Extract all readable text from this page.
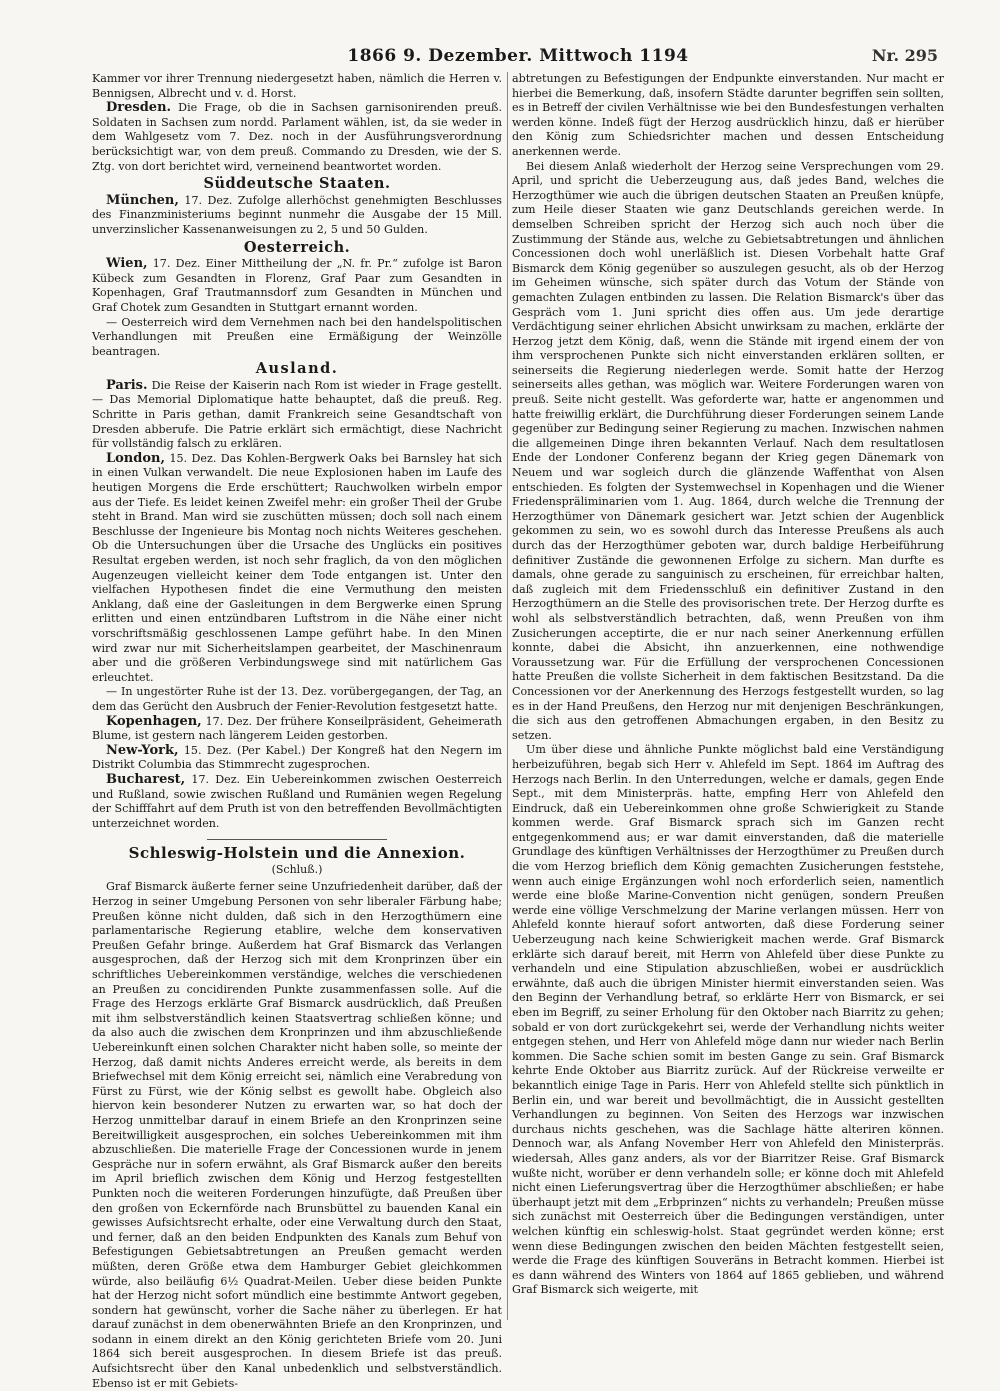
1866 9. Dezember. Mittwoch 1194	Nr. 295

Kammer vor ihrer Trennung niedergesetzt haben, nämlich die Herren v. Bennigsen, Albrecht und v. d. Horst.

Dresden. Die Frage, ob die in Sachsen garnisonirenden preuß. Soldaten in Sachsen zum nordd. Parlament wählen, ist, da sie weder in dem Wahlgesetz vom 7. Dez. noch in der Ausführungsverordnung berücksichtigt war, von dem preuß. Commando zu Dresden, wie der S. Ztg. von dort berichtet wird, verneinend beantwortet worden.

Süddeutsche Staaten.

München, 17. Dez. Zufolge allerhöchst genehmigten Beschlusses des Finanzministeriums beginnt nunmehr die Ausgabe der 15 Mill. unverzinslicher Kassenanweisungen zu 2, 5 und 50 Gulden.

Oesterreich.

Wien, 17. Dez. Einer Mittheilung der „N. fr. Pr.“ zufolge ist Baron Kübeck zum Gesandten in Florenz, Graf Paar zum Gesandten in Kopenhagen, Graf Trautmannsdorf zum Gesandten in München und Graf Chotek zum Gesandten in Stuttgart ernannt worden.

— Oesterreich wird dem Vernehmen nach bei den handelspolitischen Verhandlungen mit Preußen eine Ermäßigung der Weinzölle beantragen.

Ausland.

Paris. Die Reise der Kaiserin nach Rom ist wieder in Frage gestellt. — Das Memorial Diplomatique hatte behauptet, daß die preuß. Reg. Schritte in Paris gethan, damit Frankreich seine Gesandtschaft von Dresden abberufe. Die Patrie erklärt sich ermächtigt, diese Nachricht für vollständig falsch zu erklären.

London, 15. Dez. Das Kohlen-Bergwerk Oaks bei Barnsley hat sich in einen Vulkan verwandelt. Die neue Explosionen haben im Laufe des heutigen Morgens die Erde erschüttert; Rauchwolken wirbeln empor aus der Tiefe. Es leidet keinen Zweifel mehr: ein großer Theil der Grube steht in Brand. Man wird sie zuschütten müssen; doch soll nach einem Beschlusse der Ingenieure bis Montag noch nichts Weiteres geschehen. Ob die Untersuchungen über die Ursache des Unglücks ein positives Resultat ergeben werden, ist noch sehr fraglich, da von den möglichen Augenzeugen vielleicht keiner dem Tode entgangen ist. Unter den vielfachen Hypothesen findet die eine Vermuthung den meisten Anklang, daß eine der Gasleitungen in dem Bergwerke einen Sprung erlitten und einen entzündbaren Luftstrom in die Nähe einer nicht vorschriftsmäßig geschlossenen Lampe geführt habe. In den Minen wird zwar nur mit Sicherheitslampen gearbeitet, der Maschinenraum aber und die größeren Verbindungswege sind mit natürlichem Gas erleuchtet.

— In ungestörter Ruhe ist der 13. Dez. vorübergegangen, der Tag, an dem das Gerücht den Ausbruch der Fenier-Revolution festgesetzt hatte.

Kopenhagen, 17. Dez. Der frühere Konseilpräsident, Geheimerath Blume, ist gestern nach längerem Leiden gestorben.

New-York, 15. Dez. (Per Kabel.) Der Kongreß hat den Negern im Distrikt Columbia das Stimmrecht zugesprochen.

Bucharest, 17. Dez. Ein Uebereinkommen zwischen Oesterreich und Rußland, sowie zwischen Rußland und Rumänien wegen Regelung der Schifffahrt auf dem Pruth ist von den betreffenden Bevollmächtigten unterzeichnet worden.

Schleswig-Holstein und die Annexion.
(Schluß.)

Graf Bismarck äußerte ferner seine Unzufriedenheit darüber, daß der Herzog in seiner Umgebung Personen von sehr liberaler Färbung habe; Preußen könne nicht dulden, daß sich in den Herzogthümern eine parlamentarische Regierung etablire, welche dem konservativen Preußen Gefahr bringe. Außerdem hat Graf Bismarck das Verlangen ausgesprochen, daß der Herzog sich mit dem Kronprinzen über ein schriftliches Uebereinkommen verständige, welches die verschiedenen an Preußen zu concidirenden Punkte zusammenfassen solle. Auf die Frage des Herzogs erklärte Graf Bismarck ausdrücklich, daß Preußen mit ihm selbstverständlich keinen Staatsvertrag schließen könne; und da also auch die zwischen dem Kronprinzen und ihm abzuschließende Uebereinkunft einen solchen Charakter nicht haben solle, so meinte der Herzog, daß damit nichts Anderes erreicht werde, als bereits in dem Briefwechsel mit dem König erreicht sei, nämlich eine Verabredung von Fürst zu Fürst, wie der König selbst es gewollt habe. Obgleich also hiervon kein besonderer Nutzen zu erwarten war, so hat doch der Herzog unmittelbar darauf in einem Briefe an den Kronprinzen seine Bereitwilligkeit ausgesprochen, ein solches Uebereinkommen mit ihm abzuschließen. Die materielle Frage der Concessionen wurde in jenem Gespräche nur in sofern erwähnt, als Graf Bismarck außer den bereits im April brieflich zwischen dem König und Herzog festgestellten Punkten noch die weiteren Forderungen hinzufügte, daß Preußen über den großen von Eckernförde nach Brunsbüttel zu bauenden Kanal ein gewisses Aufsichtsrecht erhalte, oder eine Verwaltung durch den Staat, und ferner, daß an den beiden Endpunkten des Kanals zum Behuf von Befestigungen Gebietsabtretungen an Preußen gemacht werden müßten, deren Größe etwa dem Hamburger Gebiet gleichkommen würde, also beiläufig 6½ Quadrat-Meilen. Ueber diese beiden Punkte hat der Herzog nicht sofort mündlich eine bestimmte Antwort gegeben, sondern hat gewünscht, vorher die Sache näher zu überlegen. Er hat darauf zunächst in dem obenerwähnten Briefe an den Kronprinzen, und sodann in einem direkt an den König gerichteten Briefe vom 20. Juni 1864 sich bereit ausgesprochen. In diesem Briefe ist das preuß. Aufsichtsrecht über den Kanal unbedenklich und selbstverständlich. Ebenso ist er mit Gebiets-

abtretungen zu Befestigungen der Endpunkte einverstanden. Nur macht er hierbei die Bemerkung, daß, insofern Städte darunter begriffen sein sollten, es in Betreff der civilen Verhältnisse wie bei den Bundesfestungen verhalten werden könne. Indeß fügt der Herzog ausdrücklich hinzu, daß er hierüber den König zum Schiedsrichter machen und dessen Entscheidung anerkennen werde.

Bei diesem Anlaß wiederholt der Herzog seine Versprechungen vom 29. April, und spricht die Ueberzeugung aus, daß jedes Band, welches die Herzogthümer wie auch die übrigen deutschen Staaten an Preußen knüpfe, zum Heile dieser Staaten wie ganz Deutschlands gereichen werde. In demselben Schreiben spricht der Herzog sich auch noch über die Zustimmung der Stände aus, welche zu Gebietsabtretungen und ähnlichen Concessionen doch wohl unerläßlich ist. Diesen Vorbehalt hatte Graf Bismarck dem König gegenüber so auszulegen gesucht, als ob der Herzog im Geheimen wünsche, sich später durch das Votum der Stände von gemachten Zulagen entbinden zu lassen. Die Relation Bismarck's über das Gespräch vom 1. Juni spricht dies offen aus. Um jede derartige Verdächtigung seiner ehrlichen Absicht unwirksam zu machen, erklärte der Herzog jetzt dem König, daß, wenn die Stände mit irgend einem der von ihm versprochenen Punkte sich nicht einverstanden erklären sollten, er seinerseits die Regierung niederlegen werde. Somit hatte der Herzog seinerseits alles gethan, was möglich war. Weitere Forderungen waren von preuß. Seite nicht gestellt. Was geforderte war, hatte er angenommen und hatte freiwillig erklärt, die Durchführung dieser Forderungen seinem Lande gegenüber zur Bedingung seiner Regierung zu machen. Inzwischen nahmen die allgemeinen Dinge ihren bekannten Verlauf. Nach dem resultatlosen Ende der Londoner Conferenz begann der Krieg gegen Dänemark von Neuem und war sogleich durch die glänzende Waffenthat von Alsen entschieden. Es folgten der Systemwechsel in Kopenhagen und die Wiener Friedenspräliminarien vom 1. Aug. 1864, durch welche die Trennung der Herzogthümer von Dänemark gesichert war. Jetzt schien der Augenblick gekommen zu sein, wo es sowohl durch das Interesse Preußens als auch durch das der Herzogthümer geboten war, durch baldige Herbeiführung definitiver Zustände die gewonnenen Erfolge zu sichern. Man durfte es damals, ohne gerade zu sanguinisch zu erscheinen, für erreichbar halten, daß zugleich mit dem Friedensschluß ein definitiver Zustand in den Herzogthümern an die Stelle des provisorischen trete. Der Herzog durfte es wohl als selbstverständlich betrachten, daß, wenn Preußen von ihm Zusicherungen acceptirte, die er nur nach seiner Anerkennung erfüllen konnte, dabei die Absicht, ihn anzuerkennen, eine nothwendige Voraussetzung war. Für die Erfüllung der versprochenen Concessionen hatte Preußen die vollste Sicherheit in dem faktischen Besitzstand. Da die Concessionen vor der Anerkennung des Herzogs festgestellt wurden, so lag es in der Hand Preußens, den Herzog nur mit denjenigen Beschränkungen, die sich aus den getroffenen Abmachungen ergaben, in den Besitz zu setzen.

Um über diese und ähnliche Punkte möglichst bald eine Verständigung herbeizuführen, begab sich Herr v. Ahlefeld im Sept. 1864 im Auftrag des Herzogs nach Berlin. In den Unterredungen, welche er damals, gegen Ende Sept., mit dem Ministerpräs. hatte, empfing Herr von Ahlefeld den Eindruck, daß ein Uebereinkommen ohne große Schwierigkeit zu Stande kommen werde. Graf Bismarck sprach sich im Ganzen recht entgegenkommend aus; er war damit einverstanden, daß die materielle Grundlage des künftigen Verhältnisses der Herzogthümer zu Preußen durch die vom Herzog brieflich dem König gemachten Zusicherungen feststehe, wenn auch einige Ergänzungen wohl noch erforderlich seien, namentlich werde eine bloße Marine-Convention nicht genügen, sondern Preußen werde eine völlige Verschmelzung der Marine verlangen müssen. Herr von Ahlefeld konnte hierauf sofort antworten, daß diese Forderung seiner Ueberzeugung nach keine Schwierigkeit machen werde. Graf Bismarck erklärte sich darauf bereit, mit Herrn von Ahlefeld über diese Punkte zu verhandeln und eine Stipulation abzuschließen, wobei er ausdrücklich erwähnte, daß auch die übrigen Minister hiermit einverstanden seien. Was den Beginn der Verhandlung betraf, so erklärte Herr von Bismarck, er sei eben im Begriff, zu seiner Erholung für den Oktober nach Biarritz zu gehen; sobald er von dort zurückgekehrt sei, werde der Verhandlung nichts weiter entgegen stehen, und Herr von Ahlefeld möge dann nur wieder nach Berlin kommen. Die Sache schien somit im besten Gange zu sein. Graf Bismarck kehrte Ende Oktober aus Biarritz zurück. Auf der Rückreise verweilte er bekanntlich einige Tage in Paris. Herr von Ahlefeld stellte sich pünktlich in Berlin ein, und war bereit und bevollmächtigt, die in Aussicht gestellten Verhandlungen zu beginnen. Von Seiten des Herzogs war inzwischen durchaus nichts geschehen, was die Sachlage hätte alteriren können. Dennoch war, als Anfang November Herr von Ahlefeld den Ministerpräs. wiedersah, Alles ganz anders, als vor der Biarritzer Reise. Graf Bismarck wußte nicht, worüber er denn verhandeln solle; er könne doch mit Ahlefeld nicht einen Lieferungsvertrag über die Herzogthümer abschließen; er habe überhaupt jetzt mit dem „Erbprinzen“ nichts zu verhandeln; Preußen müsse sich zunächst mit Oesterreich über die Bedingungen verständigen, unter welchen künftig ein schleswig-holst. Staat gegründet werden könne; erst wenn diese Bedingungen zwischen den beiden Mächten festgestellt seien, werde die Frage des künftigen Souveräns in Betracht kommen. Hierbei ist es dann während des Winters von 1864 auf 1865 geblieben, und während Graf Bismarck sich weigerte, mit
